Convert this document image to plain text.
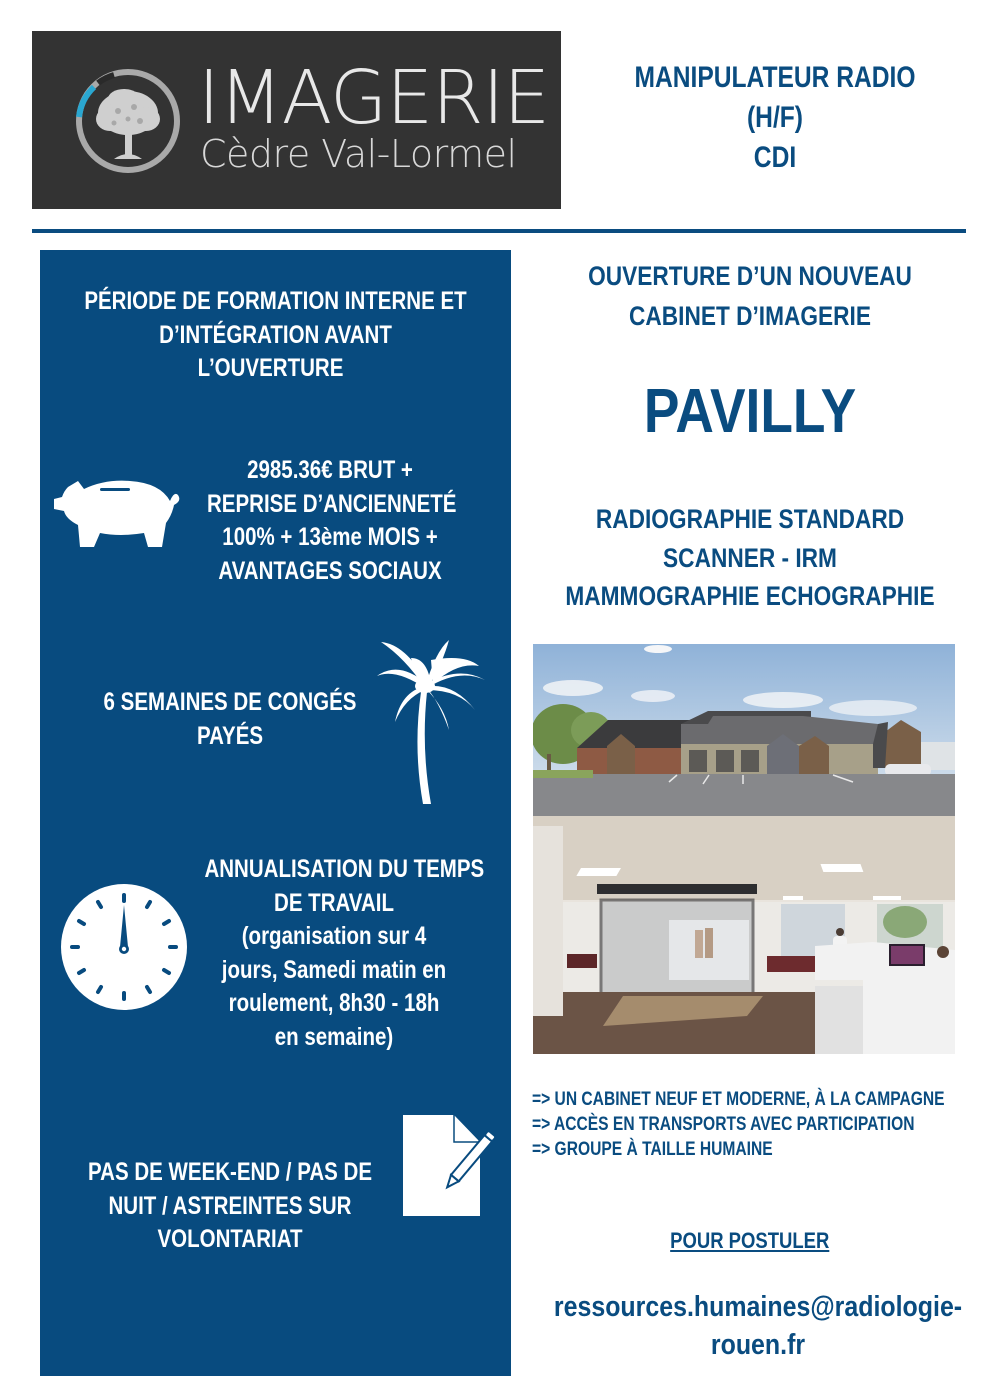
IMAGERIE
Cèdre Val-Lormel
MANIPULATEUR RADIO
(H/F)
CDI
PÉRIODE DE FORMATION INTERNE ET
D’INTÉGRATION AVANT
L’OUVERTURE
2985.36€ BRUT +
REPRISE D’ANCIENNETÉ
100% + 13ème MOIS +
AVANTAGES SOCIAUX
6 SEMAINES DE CONGÉS
PAYÉS
ANNUALISATION DU TEMPS
DE TRAVAIL
(organisation sur 4
jours, Samedi matin en
roulement, 8h30 - 18h
en semaine)
PAS DE WEEK-END / PAS DE
NUIT / ASTREINTES SUR
VOLONTARIAT
OUVERTURE D’UN NOUVEAU
CABINET D’IMAGERIE
PAVILLY
RADIOGRAPHIE STANDARD
SCANNER - IRM
MAMMOGRAPHIE ECHOGRAPHIE
=> UN CABINET NEUF ET MODERNE, À LA CAMPAGNE
=> ACCÈS EN TRANSPORTS AVEC PARTICIPATION
=> GROUPE À TAILLE HUMAINE
POUR POSTULER
ressources.humaines@radiologie-
rouen.fr
